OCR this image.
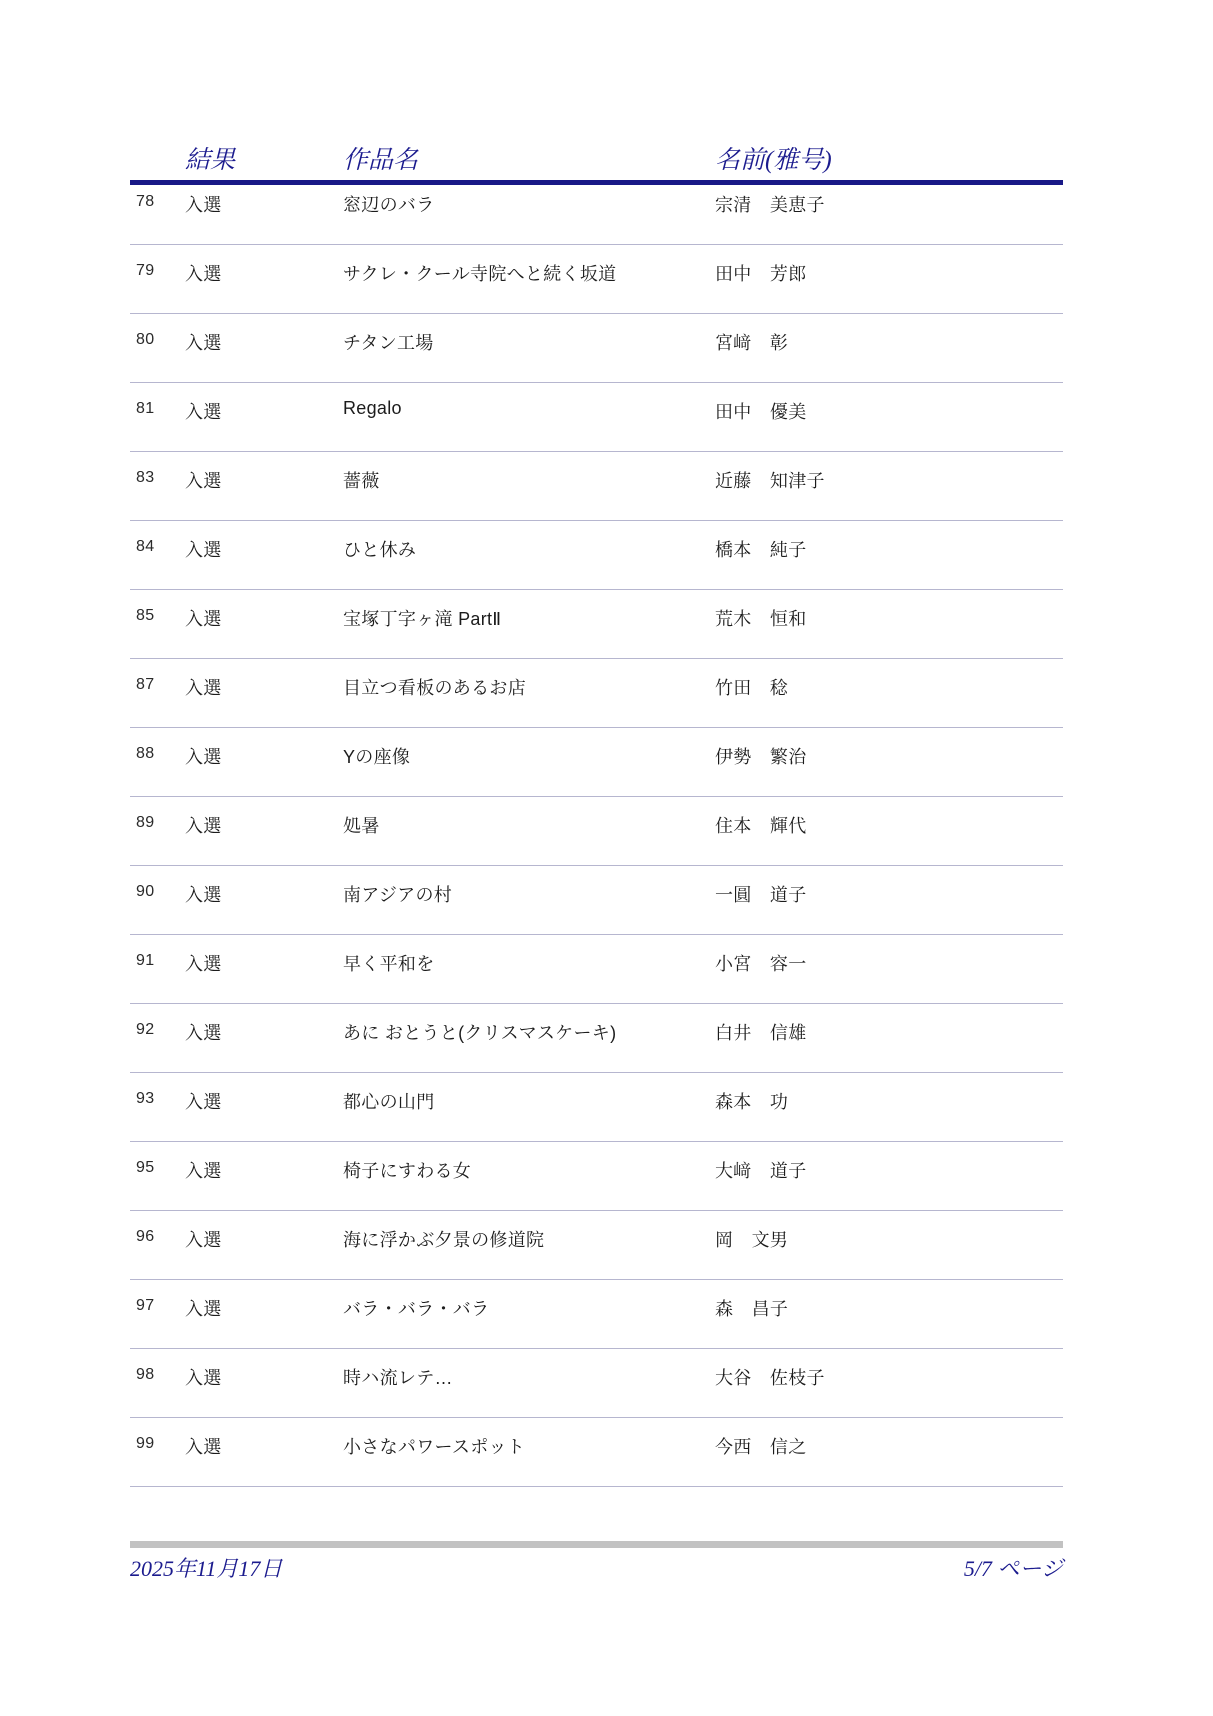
結果	作品名	名前(雅号)
78 入選	窓辺のバラ	宗清　美恵子
79 入選	サクレ・クール寺院へと続く坂道	田中　芳郎
80 入選	チタン工場	宮﨑　彰
81 入選	Regalo	田中　優美
83 入選	薔薇	近藤　知津子
84 入選	ひと休み	橋本　純子
85 入選	宝塚丁字ヶ滝 PartⅡ	荒木　恒和
87 入選	目立つ看板のあるお店	竹田　稔
88 入選	Yの座像	伊勢　繁治
89 入選	処暑	住本　輝代
90 入選	南アジアの村	一圓　道子
91 入選	早く平和を	小宮　容一
92 入選	あに おとうと(クリスマスケーキ)	白井　信雄
93 入選	都心の山門	森本　功
95 入選	椅子にすわる女	大﨑　道子
96 入選	海に浮かぶ夕景の修道院	岡　文男
97 入選	バラ・バラ・バラ	森　昌子
98 入選	時ハ流レテ…	大谷　佐枝子
99 入選	小さなパワースポット	今西　信之
2025年11月17日	5/7 ページ
